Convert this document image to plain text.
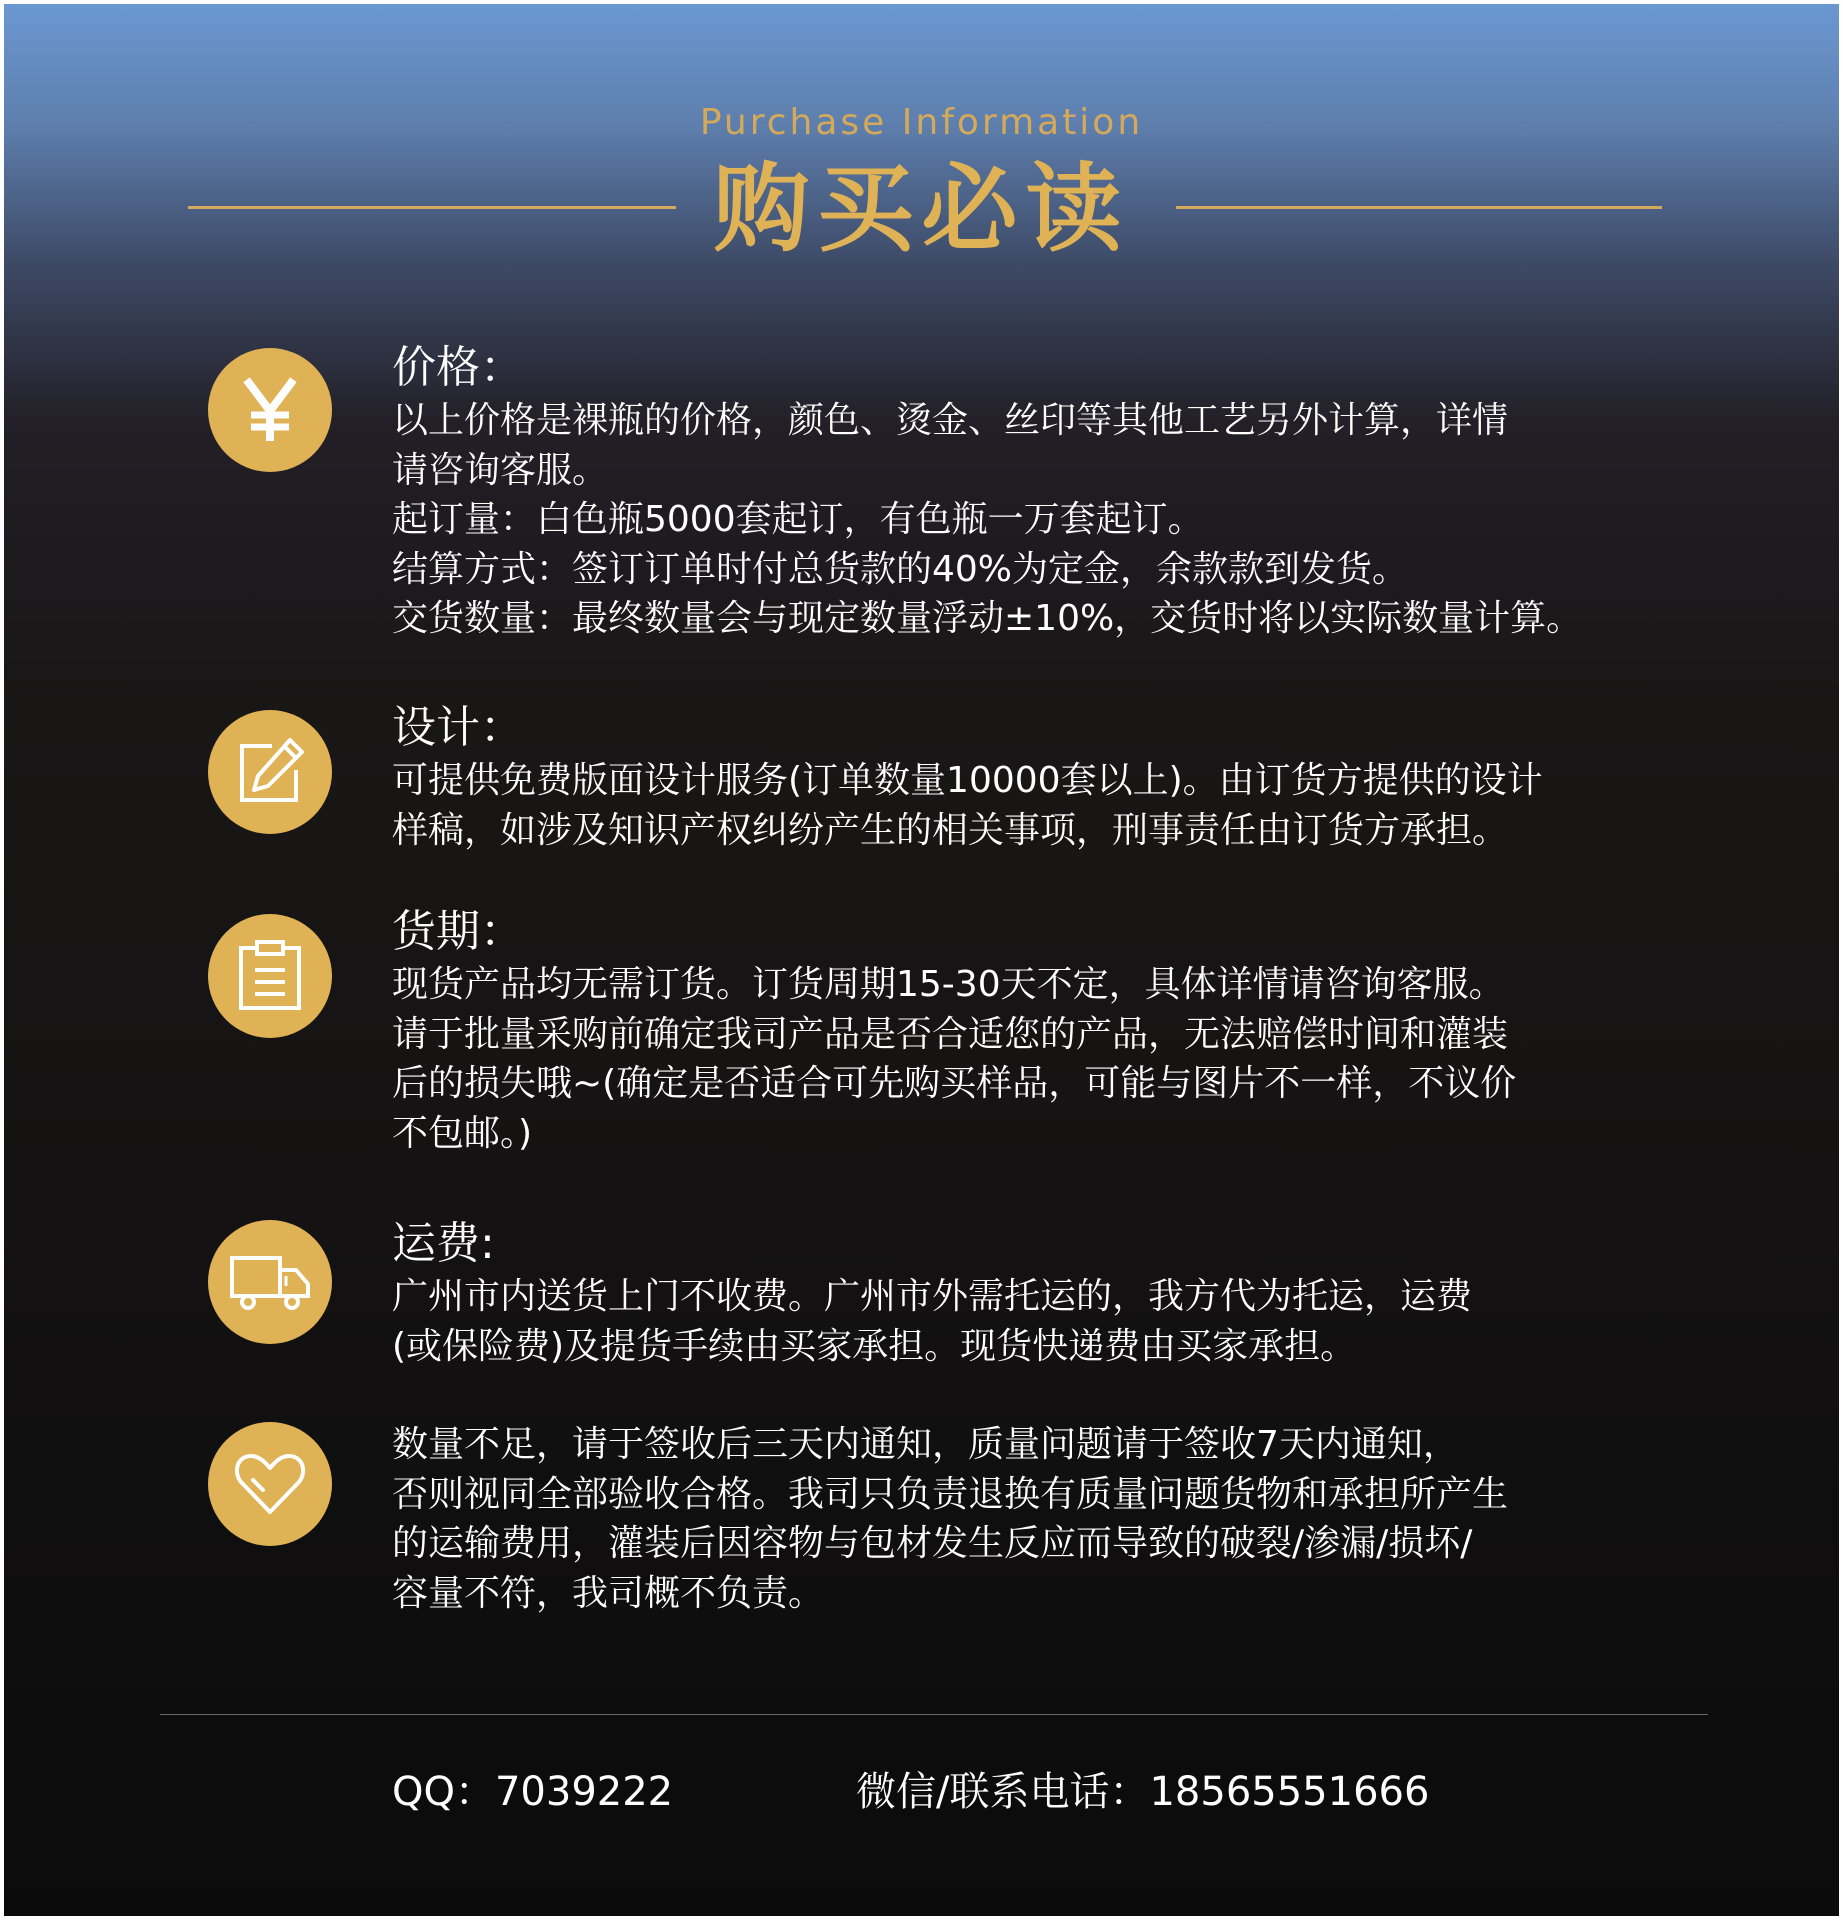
Purchase Information
购买必读
价格：
以上价格是裸瓶的价格，颜色、烫金、丝印等其他工艺另外计算，详情
请咨询客服。
起订量：白色瓶5000套起订，有色瓶一万套起订。
结算方式：签订订单时付总货款的40%为定金，余款款到发货。
交货数量：最终数量会与现定数量浮动±10%，交货时将以实际数量计算。
设计：
可提供免费版面设计服务(订单数量10000套以上)。由订货方提供的设计
样稿，如涉及知识产权纠纷产生的相关事项，刑事责任由订货方承担。
货期：
现货产品均无需订货。订货周期15-30天不定，具体详情请咨询客服。
请于批量采购前确定我司产品是否合适您的产品，无法赔偿时间和灌装
后的损失哦~(确定是否适合可先购买样品，可能与图片不一样，不议价
不包邮。)
运费:
广州市内送货上门不收费。广州市外需托运的，我方代为托运，运费
(或保险费)及提货手续由买家承担。现货快递费由买家承担。
数量不足，请于签收后三天内通知，质量问题请于签收7天内通知，
否则视同全部验收合格。我司只负责退换有质量问题货物和承担所产生
的运输费用，灌装后因容物与包材发生反应而导致的破裂/渗漏/损坏/
容量不符，我司概不负责。
QQ：7039222	微信/联系电话：18565551666
